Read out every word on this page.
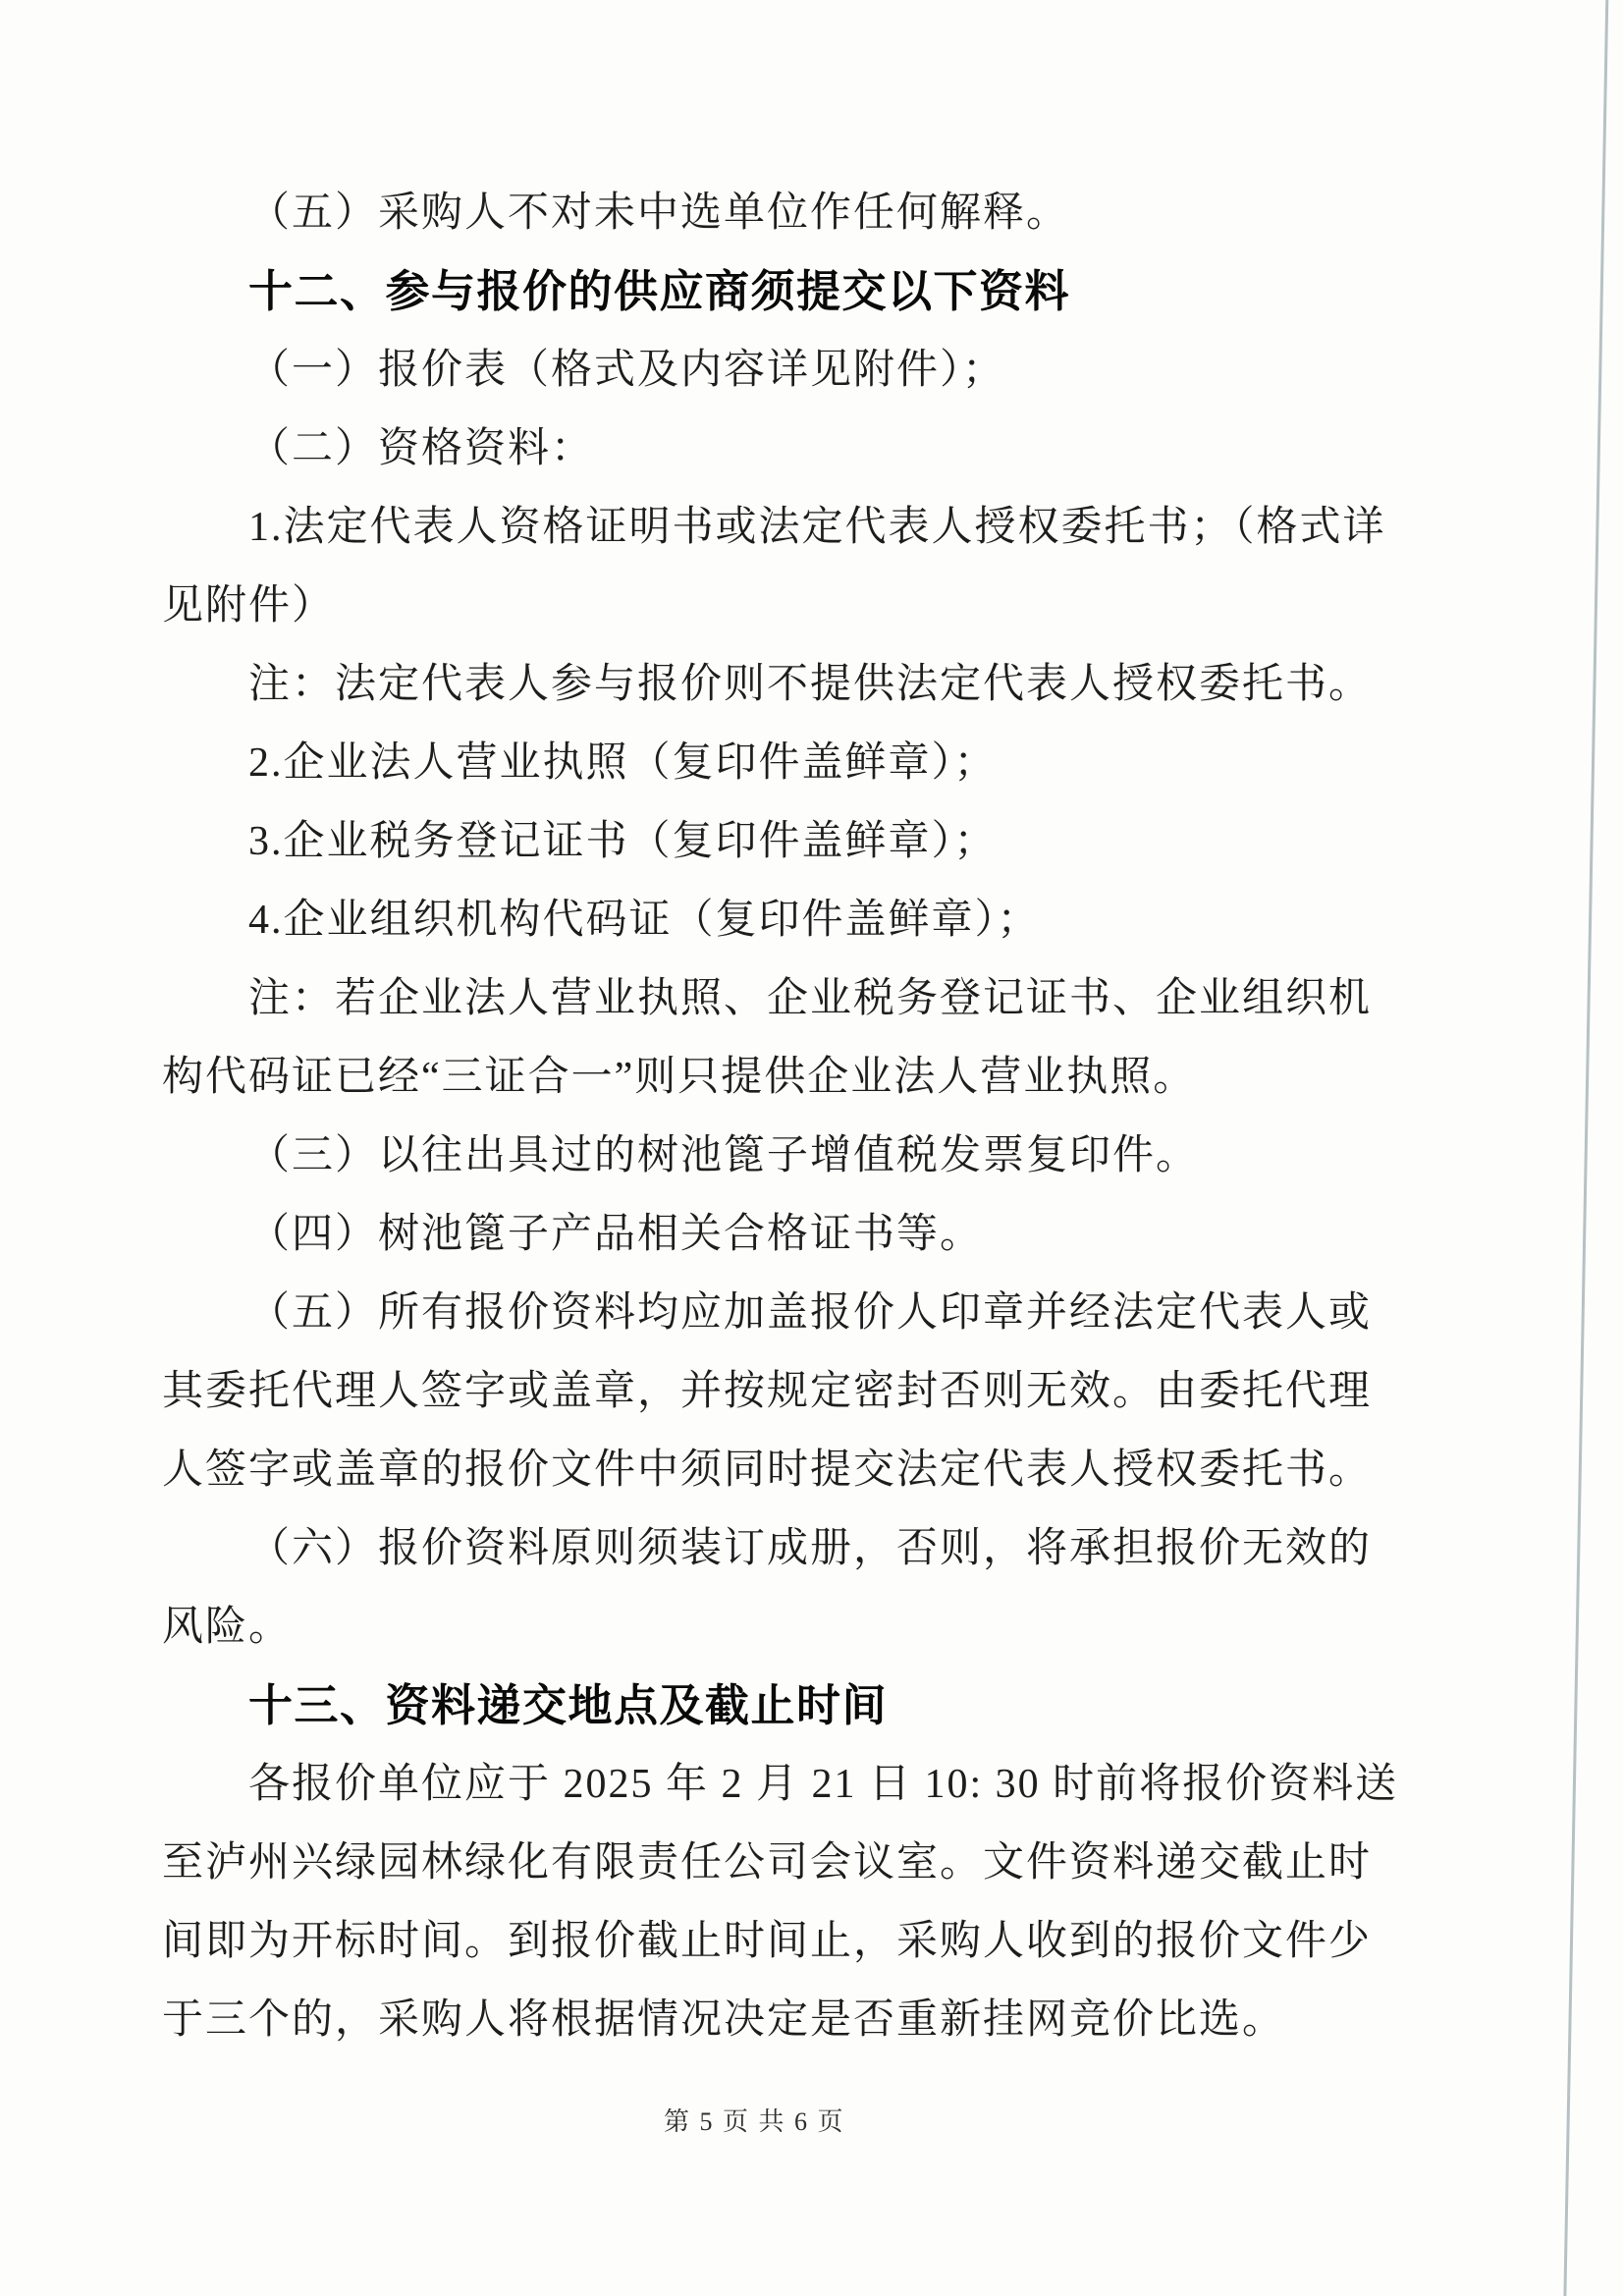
（五）采购人不对未中选单位作任何解释。
十二、参与报价的供应商须提交以下资料
（一）报价表（格式及内容详见附件）；
（二）资格资料：
1.法定代表人资格证明书或法定代表人授权委托书；（格式详
见附件）
注：法定代表人参与报价则不提供法定代表人授权委托书。
2.企业法人营业执照（复印件盖鲜章）；
3.企业税务登记证书（复印件盖鲜章）；
4.企业组织机构代码证（复印件盖鲜章）；
注：若企业法人营业执照、企业税务登记证书、企业组织机
构代码证已经“三证合一”则只提供企业法人营业执照。
（三）以往出具过的树池篦子增值税发票复印件。
（四）树池篦子产品相关合格证书等。
（五）所有报价资料均应加盖报价人印章并经法定代表人或
其委托代理人签字或盖章，并按规定密封否则无效。由委托代理
人签字或盖章的报价文件中须同时提交法定代表人授权委托书。
（六）报价资料原则须装订成册，否则，将承担报价无效的
风险。
十三、资料递交地点及截止时间
各报价单位应于 2025 年 2 月 21 日 10: 30 时前将报价资料送
至泸州兴绿园林绿化有限责任公司会议室。文件资料递交截止时
间即为开标时间。到报价截止时间止，采购人收到的报价文件少
于三个的，采购人将根据情况决定是否重新挂网竞价比选。
第 5 页 共 6 页
